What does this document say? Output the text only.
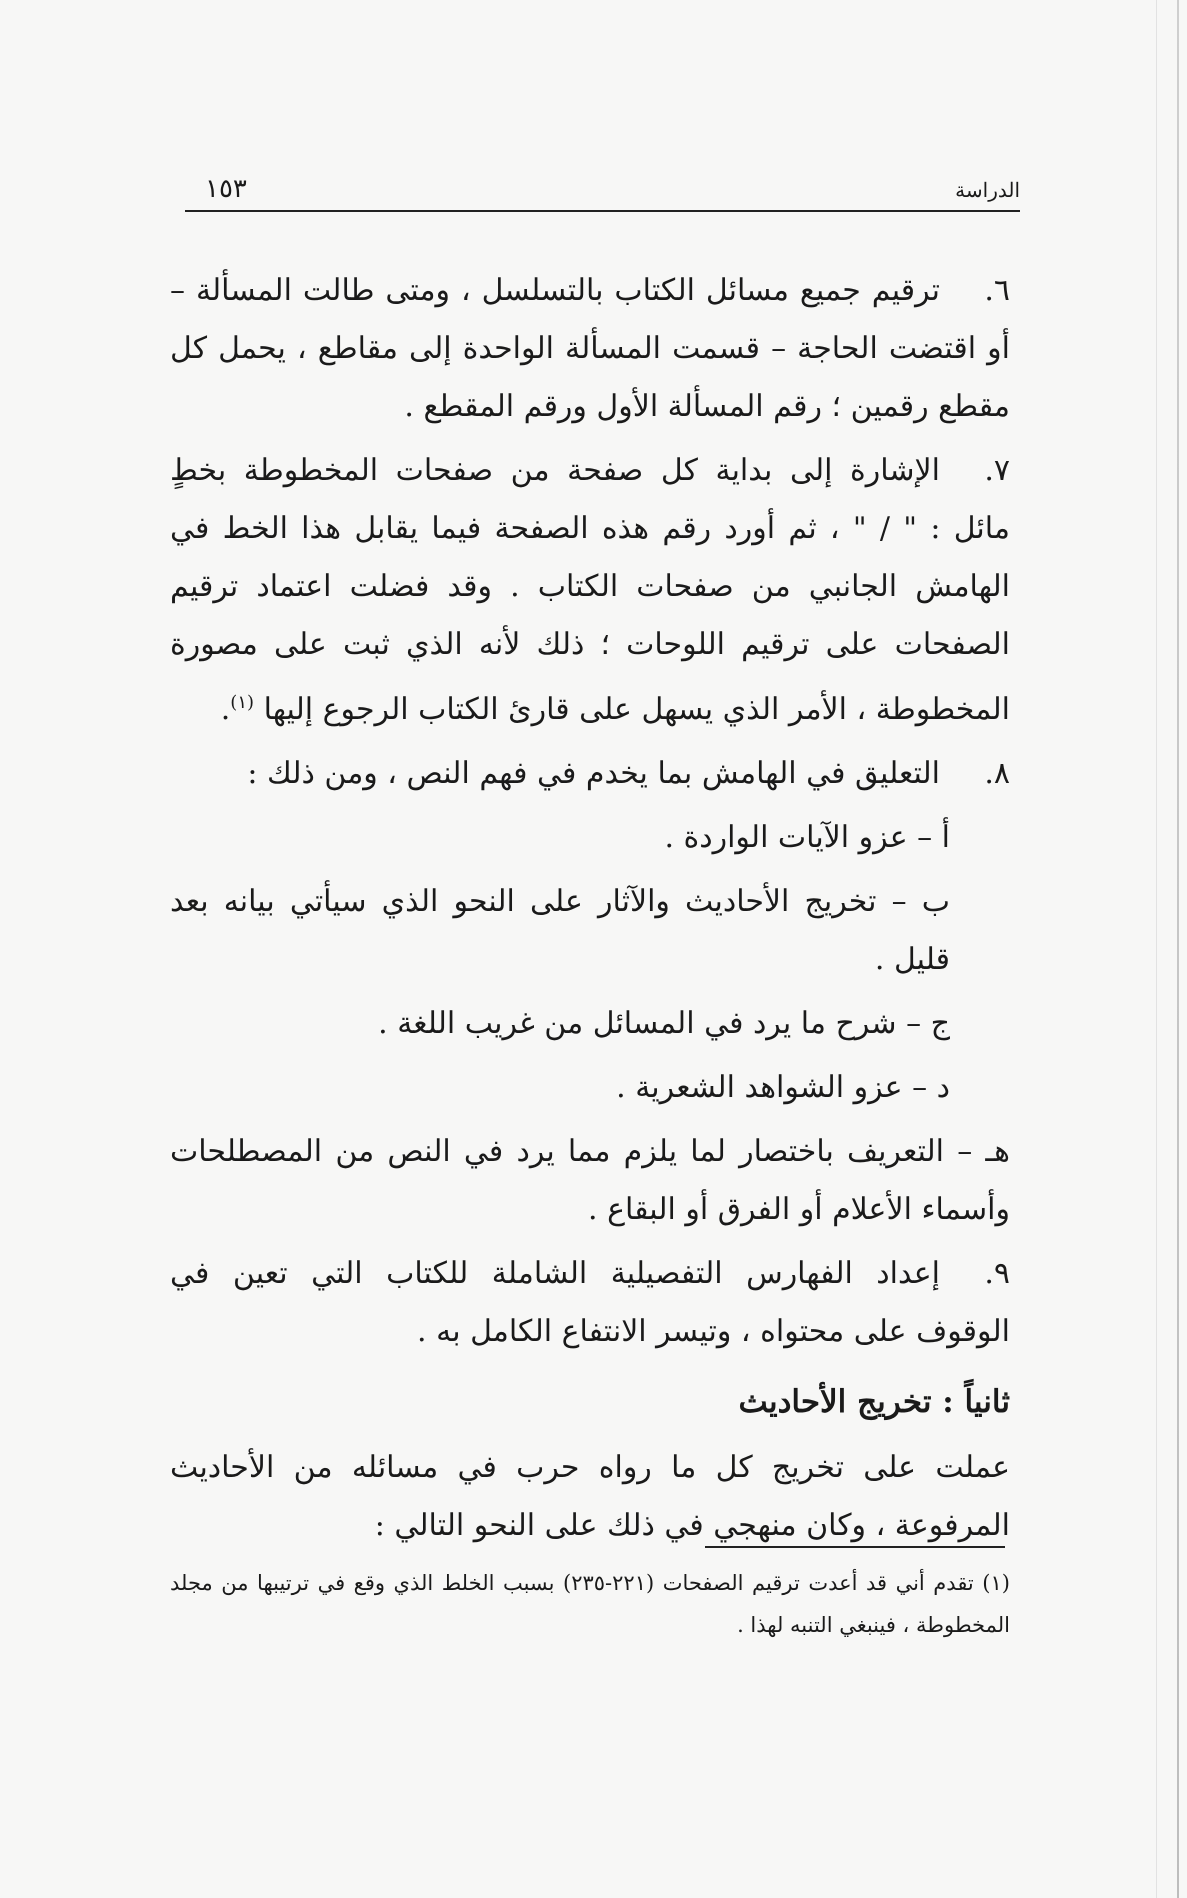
الدراسة
١٥٣

٦.ترقيم جميع مسائل الكتاب بالتسلسل ، ومتى طالت المسألة – أو اقتضت الحاجة – قسمت المسألة الواحدة إلى مقاطع ، يحمل كل مقطع رقمين ؛ رقم المسألة الأول ورقم المقطع .

٧.الإشارة إلى بداية كل صفحة من صفحات المخطوطة بخطٍ مائل : " / " ، ثم أورد رقم هذه الصفحة فيما يقابل هذا الخط في الهامش الجانبي من صفحات الكتاب . وقد فضلت اعتماد ترقيم الصفحات على ترقيم اللوحات ؛ ذلك لأنه الذي ثبت على مصورة المخطوطة ، الأمر الذي يسهل على قارئ الكتاب الرجوع إليها $^{(١)}$.

٨.التعليق في الهامش بما يخدم في فهم النص ، ومن ذلك :

أ – عزو الآيات الواردة .

ب – تخريج الأحاديث والآثار على النحو الذي سيأتي بيانه بعد قليل .

ج – شرح ما يرد في المسائل من غريب اللغة .

د – عزو الشواهد الشعرية .

هـ – التعريف باختصار لما يلزم مما يرد في النص من المصطلحات وأسماء الأعلام أو الفرق أو البقاع .

٩.إعداد الفهارس التفصيلية الشاملة للكتاب التي تعين في الوقوف على محتواه ، وتيسر الانتفاع الكامل به .

ثانياً : تخريج الأحاديث

عملت على تخريج كل ما رواه حرب في مسائله من الأحاديث المرفوعة ، وكان منهجي في ذلك على النحو التالي :

(١) تقدم أني قد أعدت ترقيم الصفحات (٢٢١-٢٣٥) بسبب الخلط الذي وقع في ترتيبها من مجلد المخطوطة ، فينبغي التنبه لهذا .
